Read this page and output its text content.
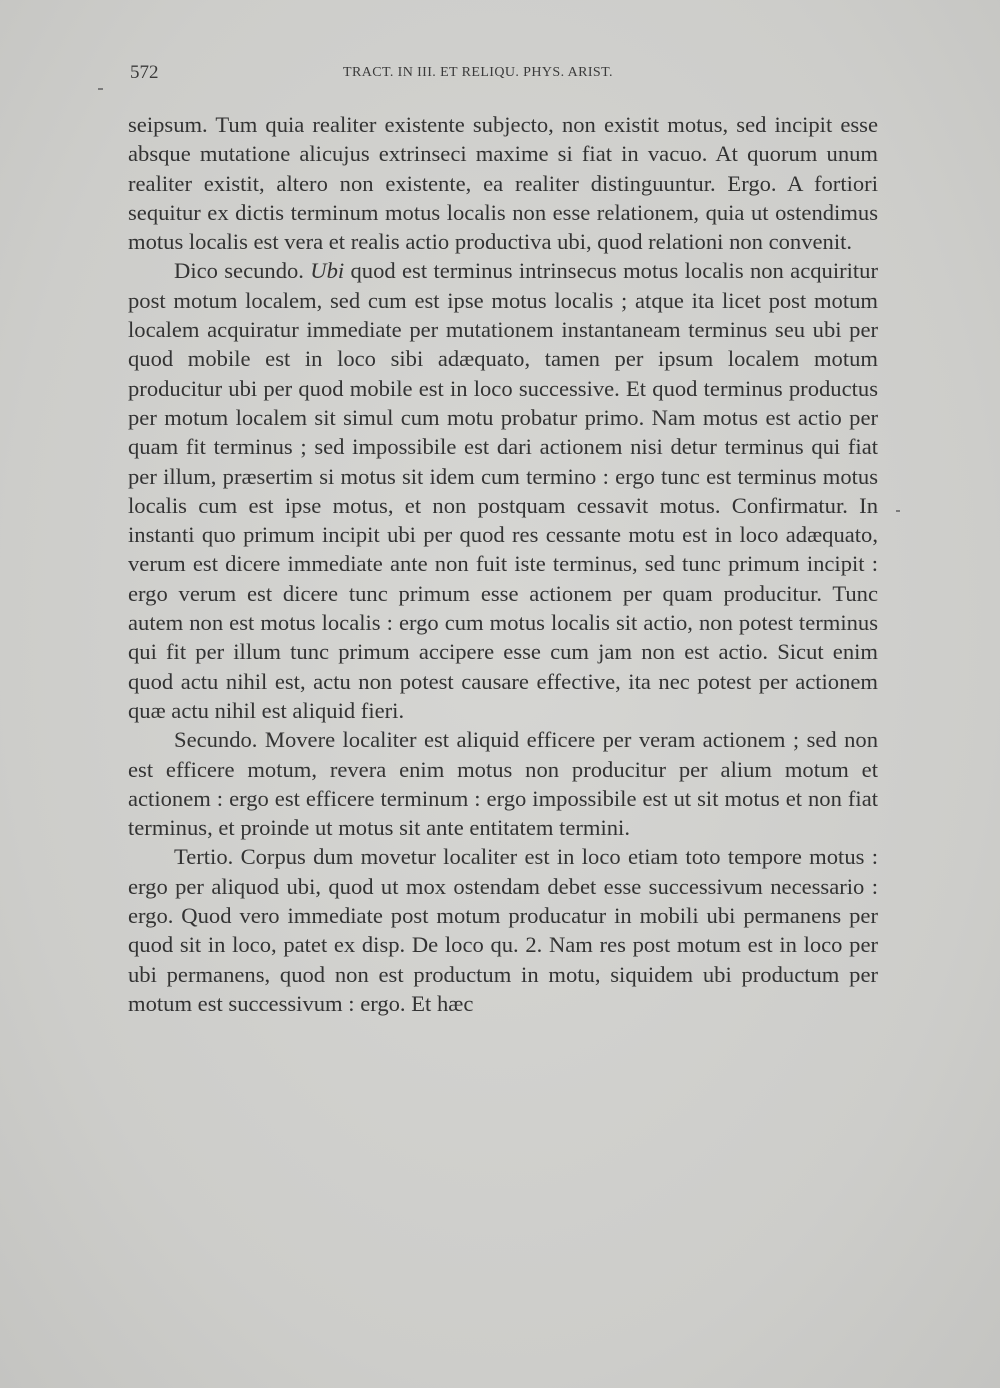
572	TRACT. IN III. ET RELIQU. PHYS. ARIST.

seipsum. Tum quia realiter existente subjecto, non existit motus, sed incipit esse absque mutatione alicujus extrinseci maxime si fiat in vacuo. At quorum unum realiter existit, altero non existente, ea realiter distinguuntur. Ergo. A fortiori sequitur ex dictis terminum motus localis non esse relationem, quia ut ostendimus motus localis est vera et realis actio productiva ubi, quod relationi non convenit.

Dico secundo. Ubi quod est terminus intrinsecus motus localis non acquiritur post motum localem, sed cum est ipse motus localis ; atque ita licet post motum localem acquiratur immediate per mutationem instantaneam terminus seu ubi per quod mobile est in loco sibi adæquato, tamen per ipsum localem motum producitur ubi per quod mobile est in loco successive. Et quod terminus productus per motum localem sit simul cum motu probatur primo. Nam motus est actio per quam fit terminus ; sed impossibile est dari actionem nisi detur terminus qui fiat per illum, præsertim si motus sit idem cum termino : ergo tunc est terminus motus localis cum est ipse motus, et non postquam cessavit motus. Confirmatur. In instanti quo primum incipit ubi per quod res cessante motu est in loco adæquato, verum est dicere immediate ante non fuit iste terminus, sed tunc primum incipit : ergo verum est dicere tunc primum esse actionem per quam producitur. Tunc autem non est motus localis : ergo cum motus localis sit actio, non potest terminus qui fit per illum tunc primum accipere esse cum jam non est actio. Sicut enim quod actu nihil est, actu non potest causare effective, ita nec potest per actionem quæ actu nihil est aliquid fieri.

Secundo. Movere localiter est aliquid efficere per veram actionem ; sed non est efficere motum, revera enim motus non producitur per alium motum et actionem : ergo est efficere terminum : ergo impossibile est ut sit motus et non fiat terminus, et proinde ut motus sit ante entitatem termini.

Tertio. Corpus dum movetur localiter est in loco etiam toto tempore motus : ergo per aliquod ubi, quod ut mox ostendam debet esse successivum necessario : ergo. Quod vero immediate post motum producatur in mobili ubi permanens per quod sit in loco, patet ex disp. De loco qu. 2. Nam res post motum est in loco per ubi permanens, quod non est productum in motu, siquidem ubi productum per motum est successivum : ergo. Et hæc
